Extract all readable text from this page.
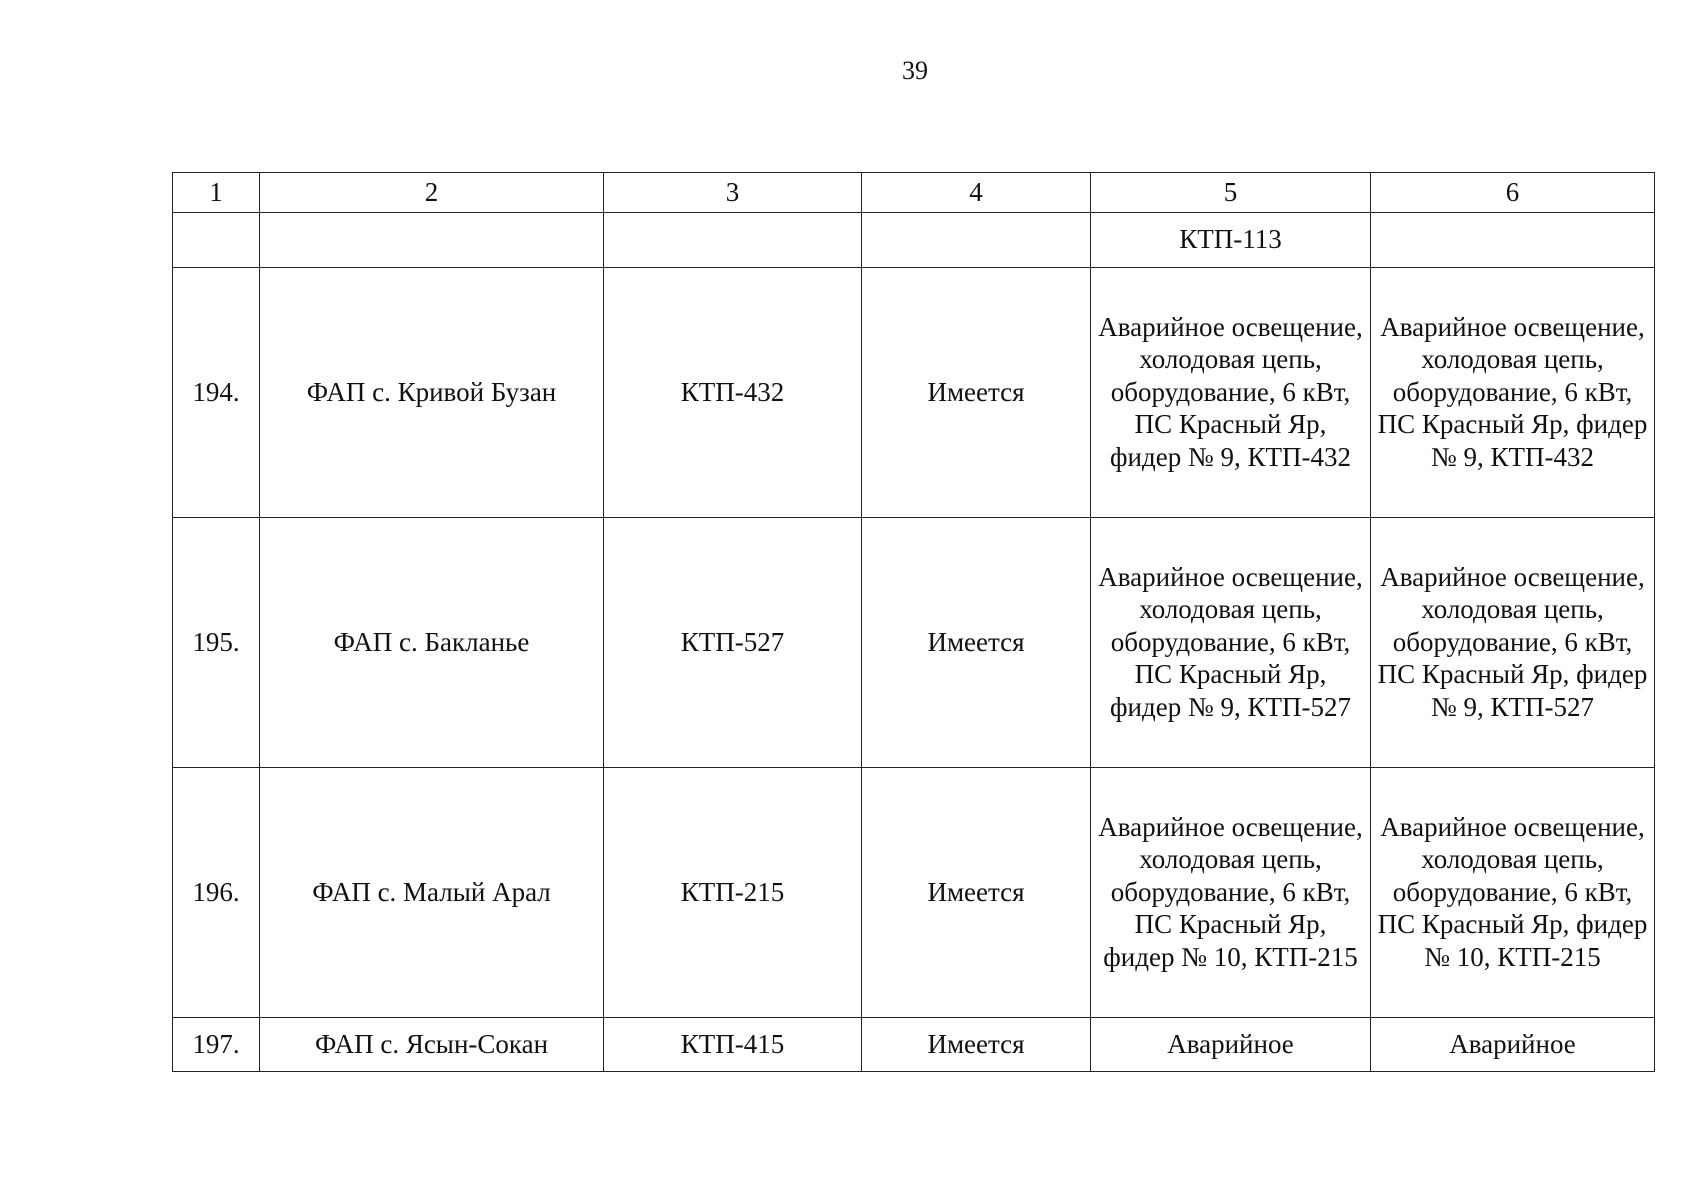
39
1	2	3	4	5	6
				КТП-113	
194.	ФАП с. Кривой Бузан	КТП-432	Имеется	Аварийное освещение, холодовая цепь, оборудование, 6 кВт, ПС Красный Яр, фидер № 9, КТП-432	Аварийное освещение, холодовая цепь, оборудование, 6 кВт, ПС Красный Яр, фидер № 9, КТП-432
195.	ФАП с. Бакланье	КТП-527	Имеется	Аварийное освещение, холодовая цепь, оборудование, 6 кВт, ПС Красный Яр, фидер № 9, КТП-527	Аварийное освещение, холодовая цепь, оборудование, 6 кВт, ПС Красный Яр, фидер № 9, КТП-527
196.	ФАП с. Малый Арал	КТП-215	Имеется	Аварийное освещение, холодовая цепь, оборудование, 6 кВт, ПС Красный Яр, фидер № 10, КТП-215	Аварийное освещение, холодовая цепь, оборудование, 6 кВт, ПС Красный Яр, фидер № 10, КТП-215
197.	ФАП с. Ясын-Сокан	КТП-415	Имеется	Аварийное	Аварийное
